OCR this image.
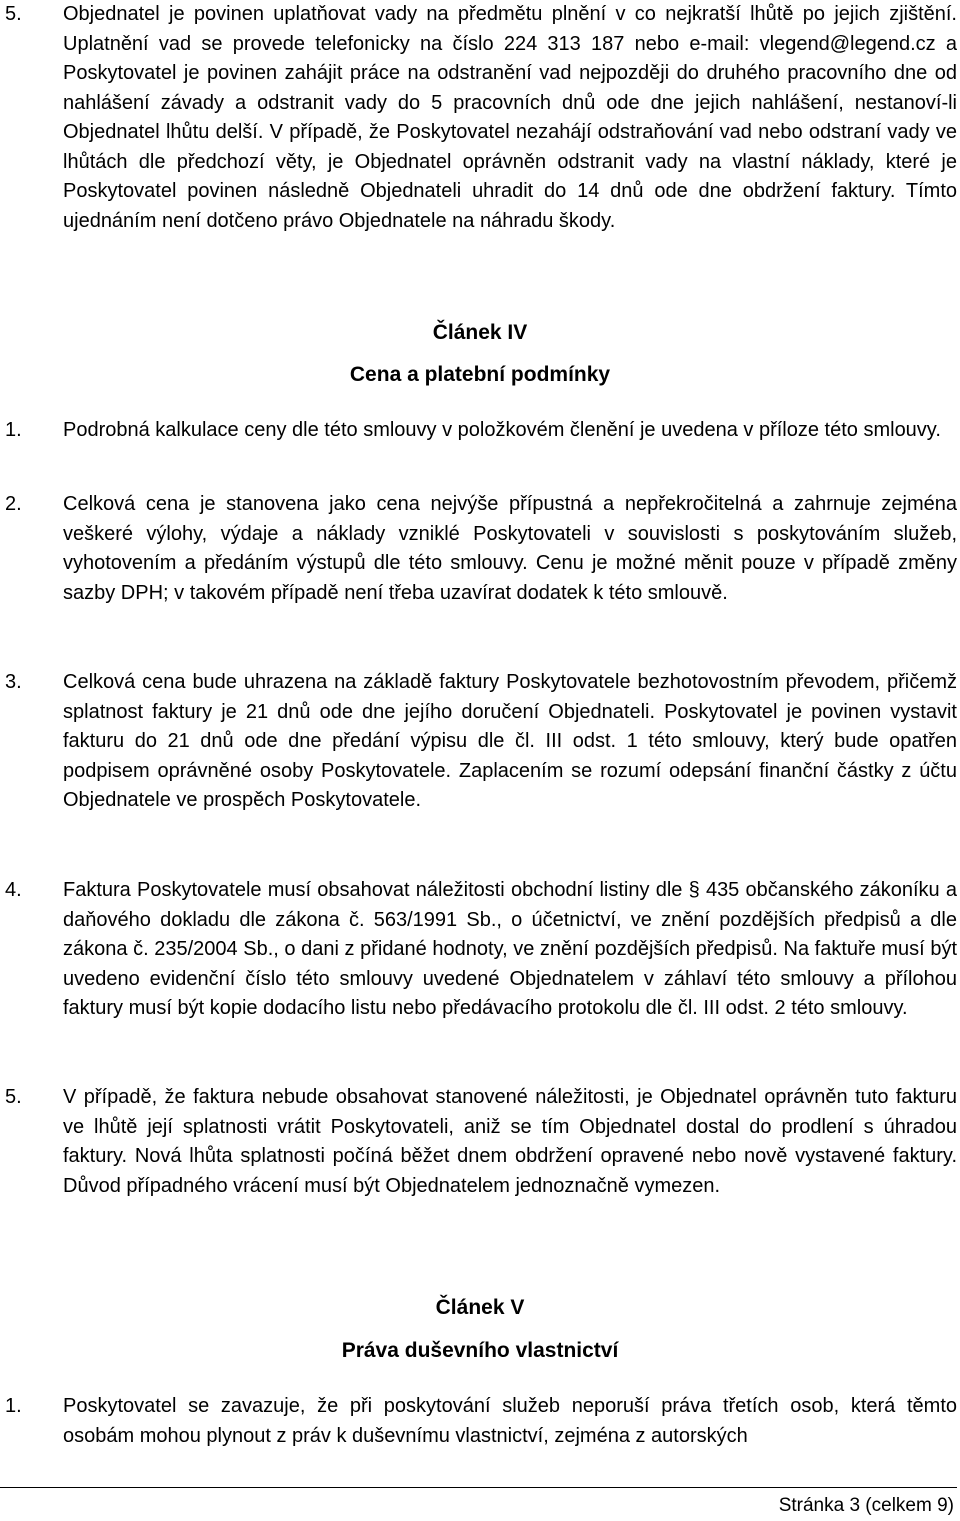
5.	Objednatel je povinen uplatňovat vady na předmětu plnění v co nejkratší lhůtě po jejich zjištění. Uplatnění vad se provede telefonicky na číslo 224 313 187 nebo e-mail: vlegend@legend.cz a Poskytovatel je povinen zahájit práce na odstranění vad nejpozději do druhého pracovního dne od nahlášení závady a odstranit vady do 5 pracovních dnů ode dne jejich nahlášení, nestanoví-li Objednatel lhůtu delší. V případě, že Poskytovatel nezahájí odstraňování vad nebo odstraní vady ve lhůtách dle předchozí věty, je Objednatel oprávněn odstranit vady na vlastní náklady, které je Poskytovatel povinen následně Objednateli uhradit do 14 dnů ode dne obdržení faktury. Tímto ujednáním není dotčeno právo Objednatele na náhradu škody.
Článek IV
Cena a platební podmínky
1.	Podrobná kalkulace ceny dle této smlouvy v položkovém členění je uvedena v příloze této smlouvy.
2.	Celková cena je stanovena jako cena nejvýše přípustná a nepřekročitelná a zahrnuje zejména veškeré výlohy, výdaje a náklady vzniklé Poskytovateli v souvislosti s poskytováním služeb, vyhotovením a předáním výstupů dle této smlouvy. Cenu je možné měnit pouze v případě změny sazby DPH; v takovém případě není třeba uzavírat dodatek k této smlouvě.
3.	Celková cena bude uhrazena na základě faktury Poskytovatele bezhotovostním převodem, přičemž splatnost faktury je 21 dnů ode dne jejího doručení Objednateli. Poskytovatel je povinen vystavit fakturu do 21 dnů ode dne předání výpisu dle čl. III odst. 1 této smlouvy, který bude opatřen podpisem oprávněné osoby Poskytovatele. Zaplacením se rozumí odepsání finanční částky z účtu Objednatele ve prospěch Poskytovatele.
4.	Faktura Poskytovatele musí obsahovat náležitosti obchodní listiny dle § 435 občanského zákoníku a daňového dokladu dle zákona č. 563/1991 Sb., o účetnictví, ve znění pozdějších předpisů a dle zákona č. 235/2004 Sb., o dani z přidané hodnoty, ve znění pozdějších předpisů. Na faktuře musí být uvedeno evidenční číslo této smlouvy uvedené Objednatelem v záhlaví této smlouvy a přílohou faktury musí být kopie dodacího listu nebo předávacího protokolu dle čl. III odst. 2 této smlouvy.
5.	V případě, že faktura nebude obsahovat stanovené náležitosti, je Objednatel oprávněn tuto fakturu ve lhůtě její splatnosti vrátit Poskytovateli, aniž se tím Objednatel dostal do prodlení s úhradou faktury. Nová lhůta splatnosti počíná běžet dnem obdržení opravené nebo nově vystavené faktury. Důvod případného vrácení musí být Objednatelem jednoznačně vymezen.
Článek V
Práva duševního vlastnictví
1.	Poskytovatel se zavazuje, že při poskytování služeb neporuší práva třetích osob, která těmto osobám mohou plynout z práv k duševnímu vlastnictví, zejména z autorských
Stránka 3 (celkem 9)
